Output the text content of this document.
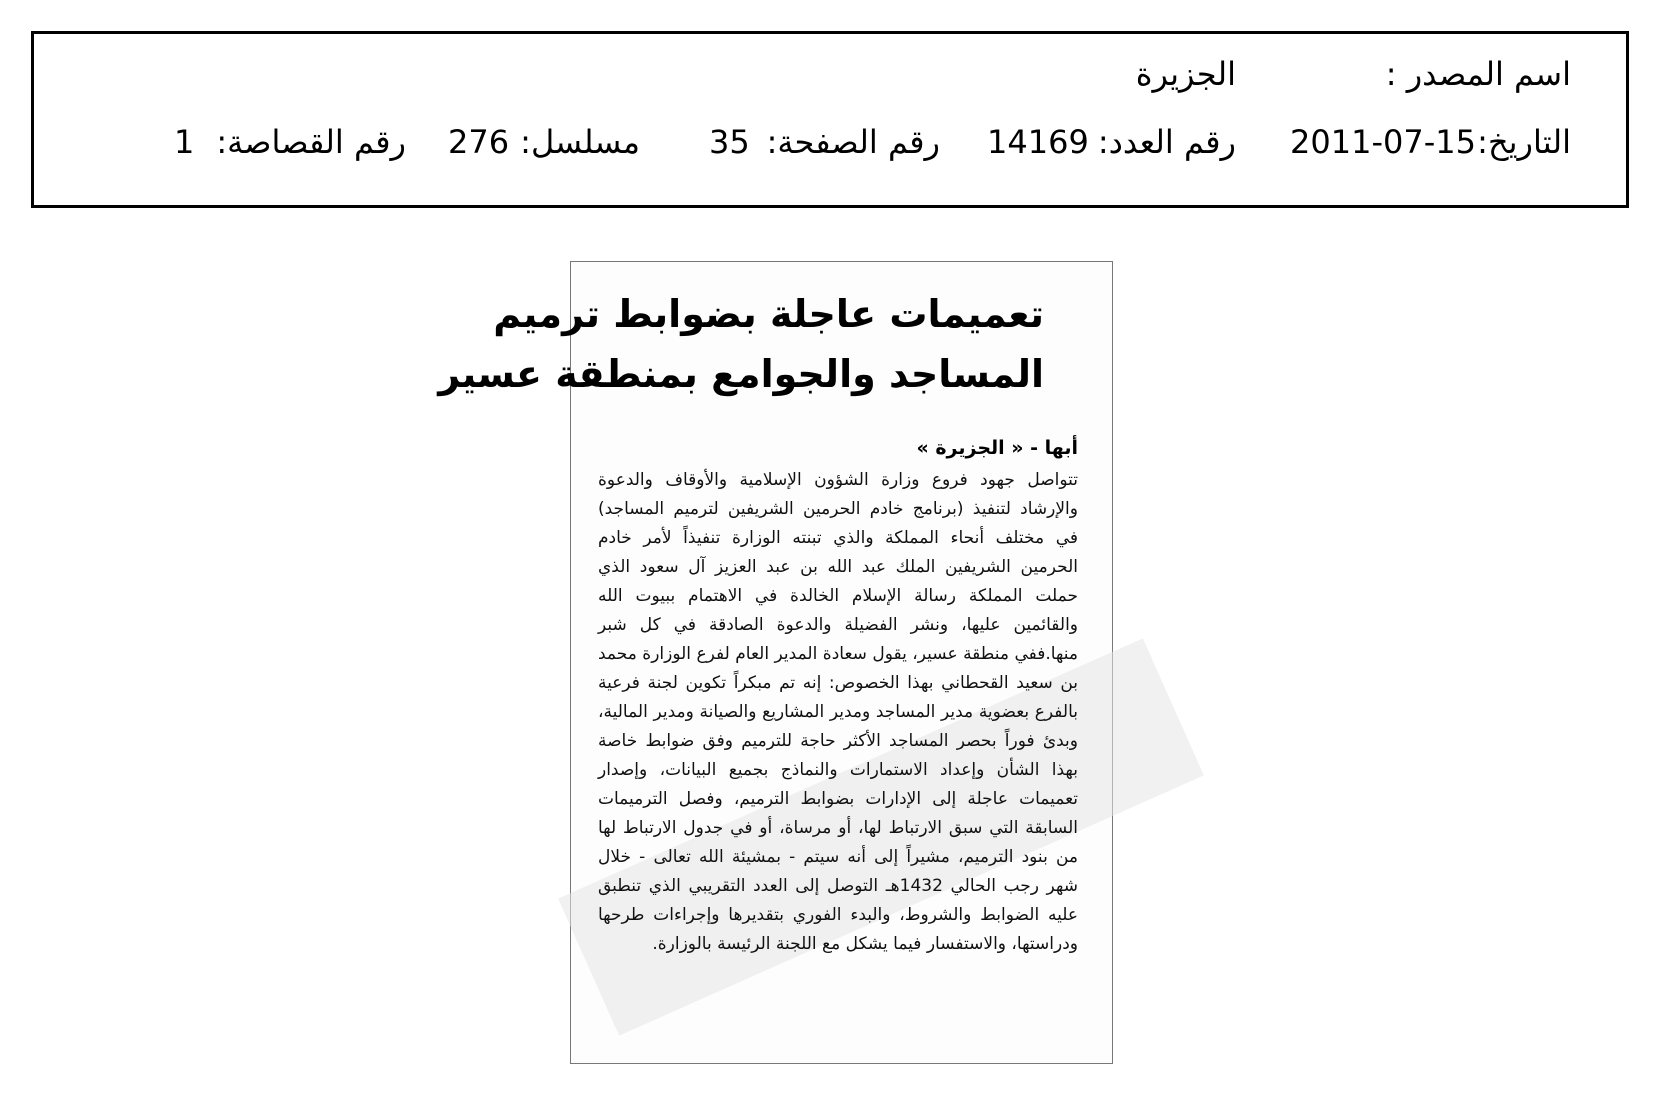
اسم المصدر :
الجزيرة
التاريخ:
2011-07-15
رقم العدد:
14169
رقم الصفحة:
35
مسلسل:
276
رقم القصاصة:
1
تعميمات عاجلة بضوابط ترميم
المساجد والجوامع بمنطقة عسير
أبها - « الجزيرة »
تتواصل جهود فروع وزارة الشؤون الإسلامية والأوقاف والدعوة والإرشاد لتنفيذ (برنامج خادم الحرمين الشريفين لترميم المساجد) في مختلف أنحاء المملكة والذي تبنته الوزارة تنفيذاً لأمر خادم الحرمين الشريفين الملك عبد الله بن عبد العزيز آل سعود الذي حملت المملكة رسالة الإسلام الخالدة في الاهتمام ببيوت الله والقائمين عليها، ونشر الفضيلة والدعوة الصادقة في كل شبر منها.ففي منطقة عسير، يقول سعادة المدير العام لفرع الوزارة محمد بن سعيد القحطاني بهذا الخصوص: إنه تم مبكراً تكوين لجنة فرعية بالفرع بعضوية مدير المساجد ومدير المشاريع والصيانة ومدير المالية، وبدئ فوراً بحصر المساجد الأكثر حاجة للترميم وفق ضوابط خاصة بهذا الشأن وإعداد الاستمارات والنماذج بجميع البيانات، وإصدار تعميمات عاجلة إلى الإدارات بضوابط الترميم، وفصل الترميمات السابقة التي سبق الارتباط لها، أو مرساة، أو في جدول الارتباط لها من بنود الترميم، مشيراً إلى أنه سيتم - بمشيئة الله تعالى - خلال شهر رجب الحالي 1432هـ التوصل إلى العدد التقريبي الذي تنطبق عليه الضوابط والشروط، والبدء الفوري بتقديرها وإجراءات طرحها ودراستها، والاستفسار فيما يشكل مع اللجنة الرئيسة بالوزارة.
